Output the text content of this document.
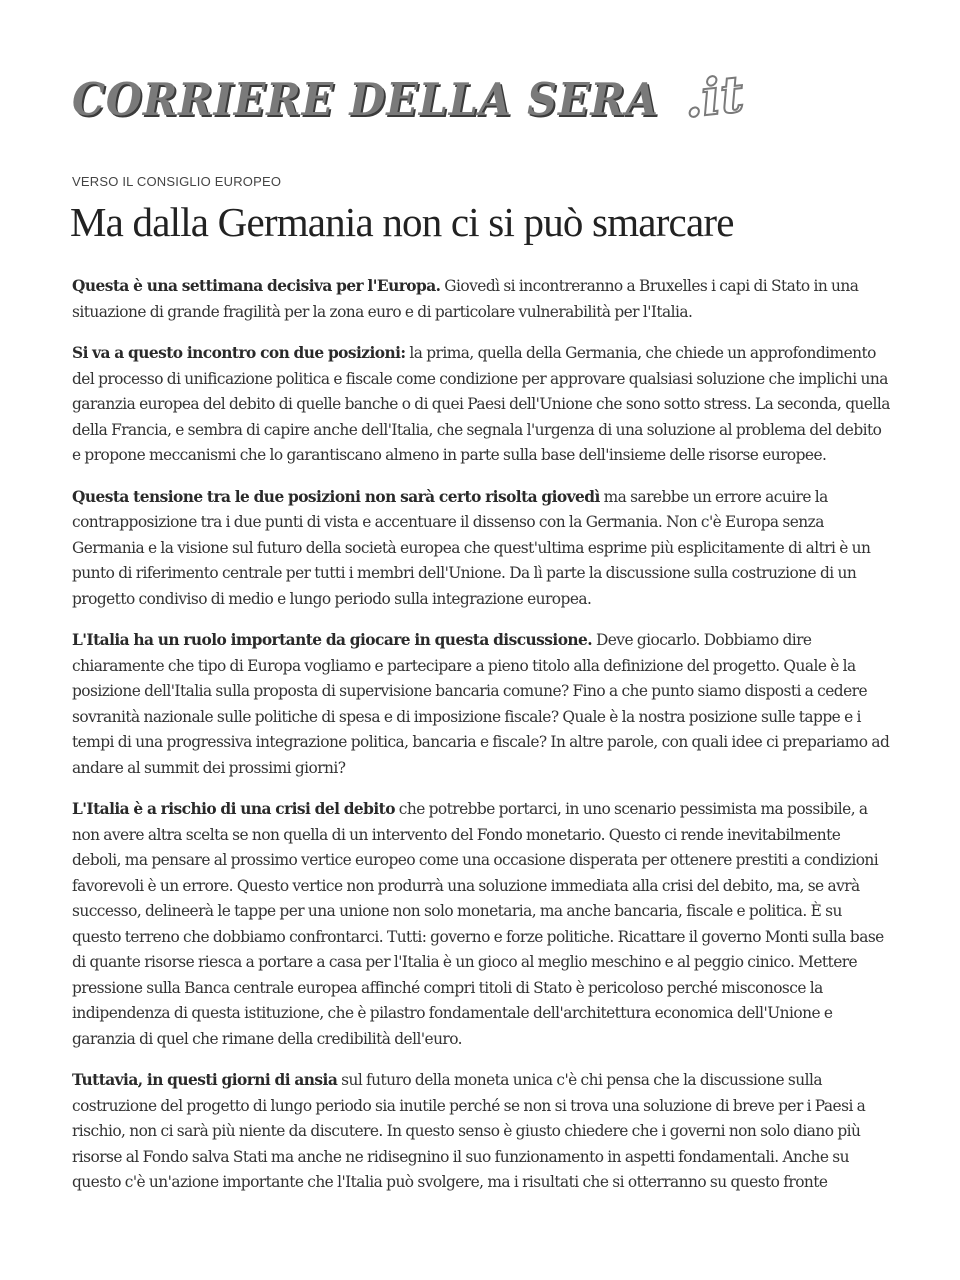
CORRIERE DELLA SERA .it
VERSO IL CONSIGLIO EUROPEO
Ma dalla Germania non ci si può smarcare

Questa è una settimana decisiva per l'Europa. Giovedì si incontreranno a Bruxelles i capi di Stato in una situazione di grande fragilità per la zona euro e di particolare vulnerabilità per l'Italia.

Si va a questo incontro con due posizioni: la prima, quella della Germania, che chiede un approfondimento del processo di unificazione politica e fiscale come condizione per approvare qualsiasi soluzione che implichi una garanzia europea del debito di quelle banche o di quei Paesi dell'Unione che sono sotto stress. La seconda, quella della Francia, e sembra di capire anche dell'Italia, che segnala l'urgenza di una soluzione al problema del debito e propone meccanismi che lo garantiscano almeno in parte sulla base dell'insieme delle risorse europee.

Questa tensione tra le due posizioni non sarà certo risolta giovedì ma sarebbe un errore acuire la contrapposizione tra i due punti di vista e accentuare il dissenso con la Germania. Non c'è Europa senza Germania e la visione sul futuro della società europea che quest'ultima esprime più esplicitamente di altri è un punto di riferimento centrale per tutti i membri dell'Unione. Da lì parte la discussione sulla costruzione di un progetto condiviso di medio e lungo periodo sulla integrazione europea.

L'Italia ha un ruolo importante da giocare in questa discussione. Deve giocarlo. Dobbiamo dire chiaramente che tipo di Europa vogliamo e partecipare a pieno titolo alla definizione del progetto. Quale è la posizione dell'Italia sulla proposta di supervisione bancaria comune? Fino a che punto siamo disposti a cedere sovranità nazionale sulle politiche di spesa e di imposizione fiscale? Quale è la nostra posizione sulle tappe e i tempi di una progressiva integrazione politica, bancaria e fiscale? In altre parole, con quali idee ci prepariamo ad andare al summit dei prossimi giorni?

L'Italia è a rischio di una crisi del debito che potrebbe portarci, in uno scenario pessimista ma possibile, a non avere altra scelta se non quella di un intervento del Fondo monetario. Questo ci rende inevitabilmente deboli, ma pensare al prossimo vertice europeo come una occasione disperata per ottenere prestiti a condizioni favorevoli è un errore. Questo vertice non produrrà una soluzione immediata alla crisi del debito, ma, se avrà successo, delineerà le tappe per una unione non solo monetaria, ma anche bancaria, fiscale e politica. È su questo terreno che dobbiamo confrontarci. Tutti: governo e forze politiche. Ricattare il governo Monti sulla base di quante risorse riesca a portare a casa per l'Italia è un gioco al meglio meschino e al peggio cinico. Mettere pressione sulla Banca centrale europea affinché compri titoli di Stato è pericoloso perché misconosce la indipendenza di questa istituzione, che è pilastro fondamentale dell'architettura economica dell'Unione e garanzia di quel che rimane della credibilità dell'euro.

Tuttavia, in questi giorni di ansia sul futuro della moneta unica c'è chi pensa che la discussione sulla costruzione del progetto di lungo periodo sia inutile perché se non si trova una soluzione di breve per i Paesi a rischio, non ci sarà più niente da discutere. In questo senso è giusto chiedere che i governi non solo diano più risorse al Fondo salva Stati ma anche ne ridisegnino il suo funzionamento in aspetti fondamentali. Anche su questo c'è un'azione importante che l'Italia può svolgere, ma i risultati che si otterranno su questo fronte
